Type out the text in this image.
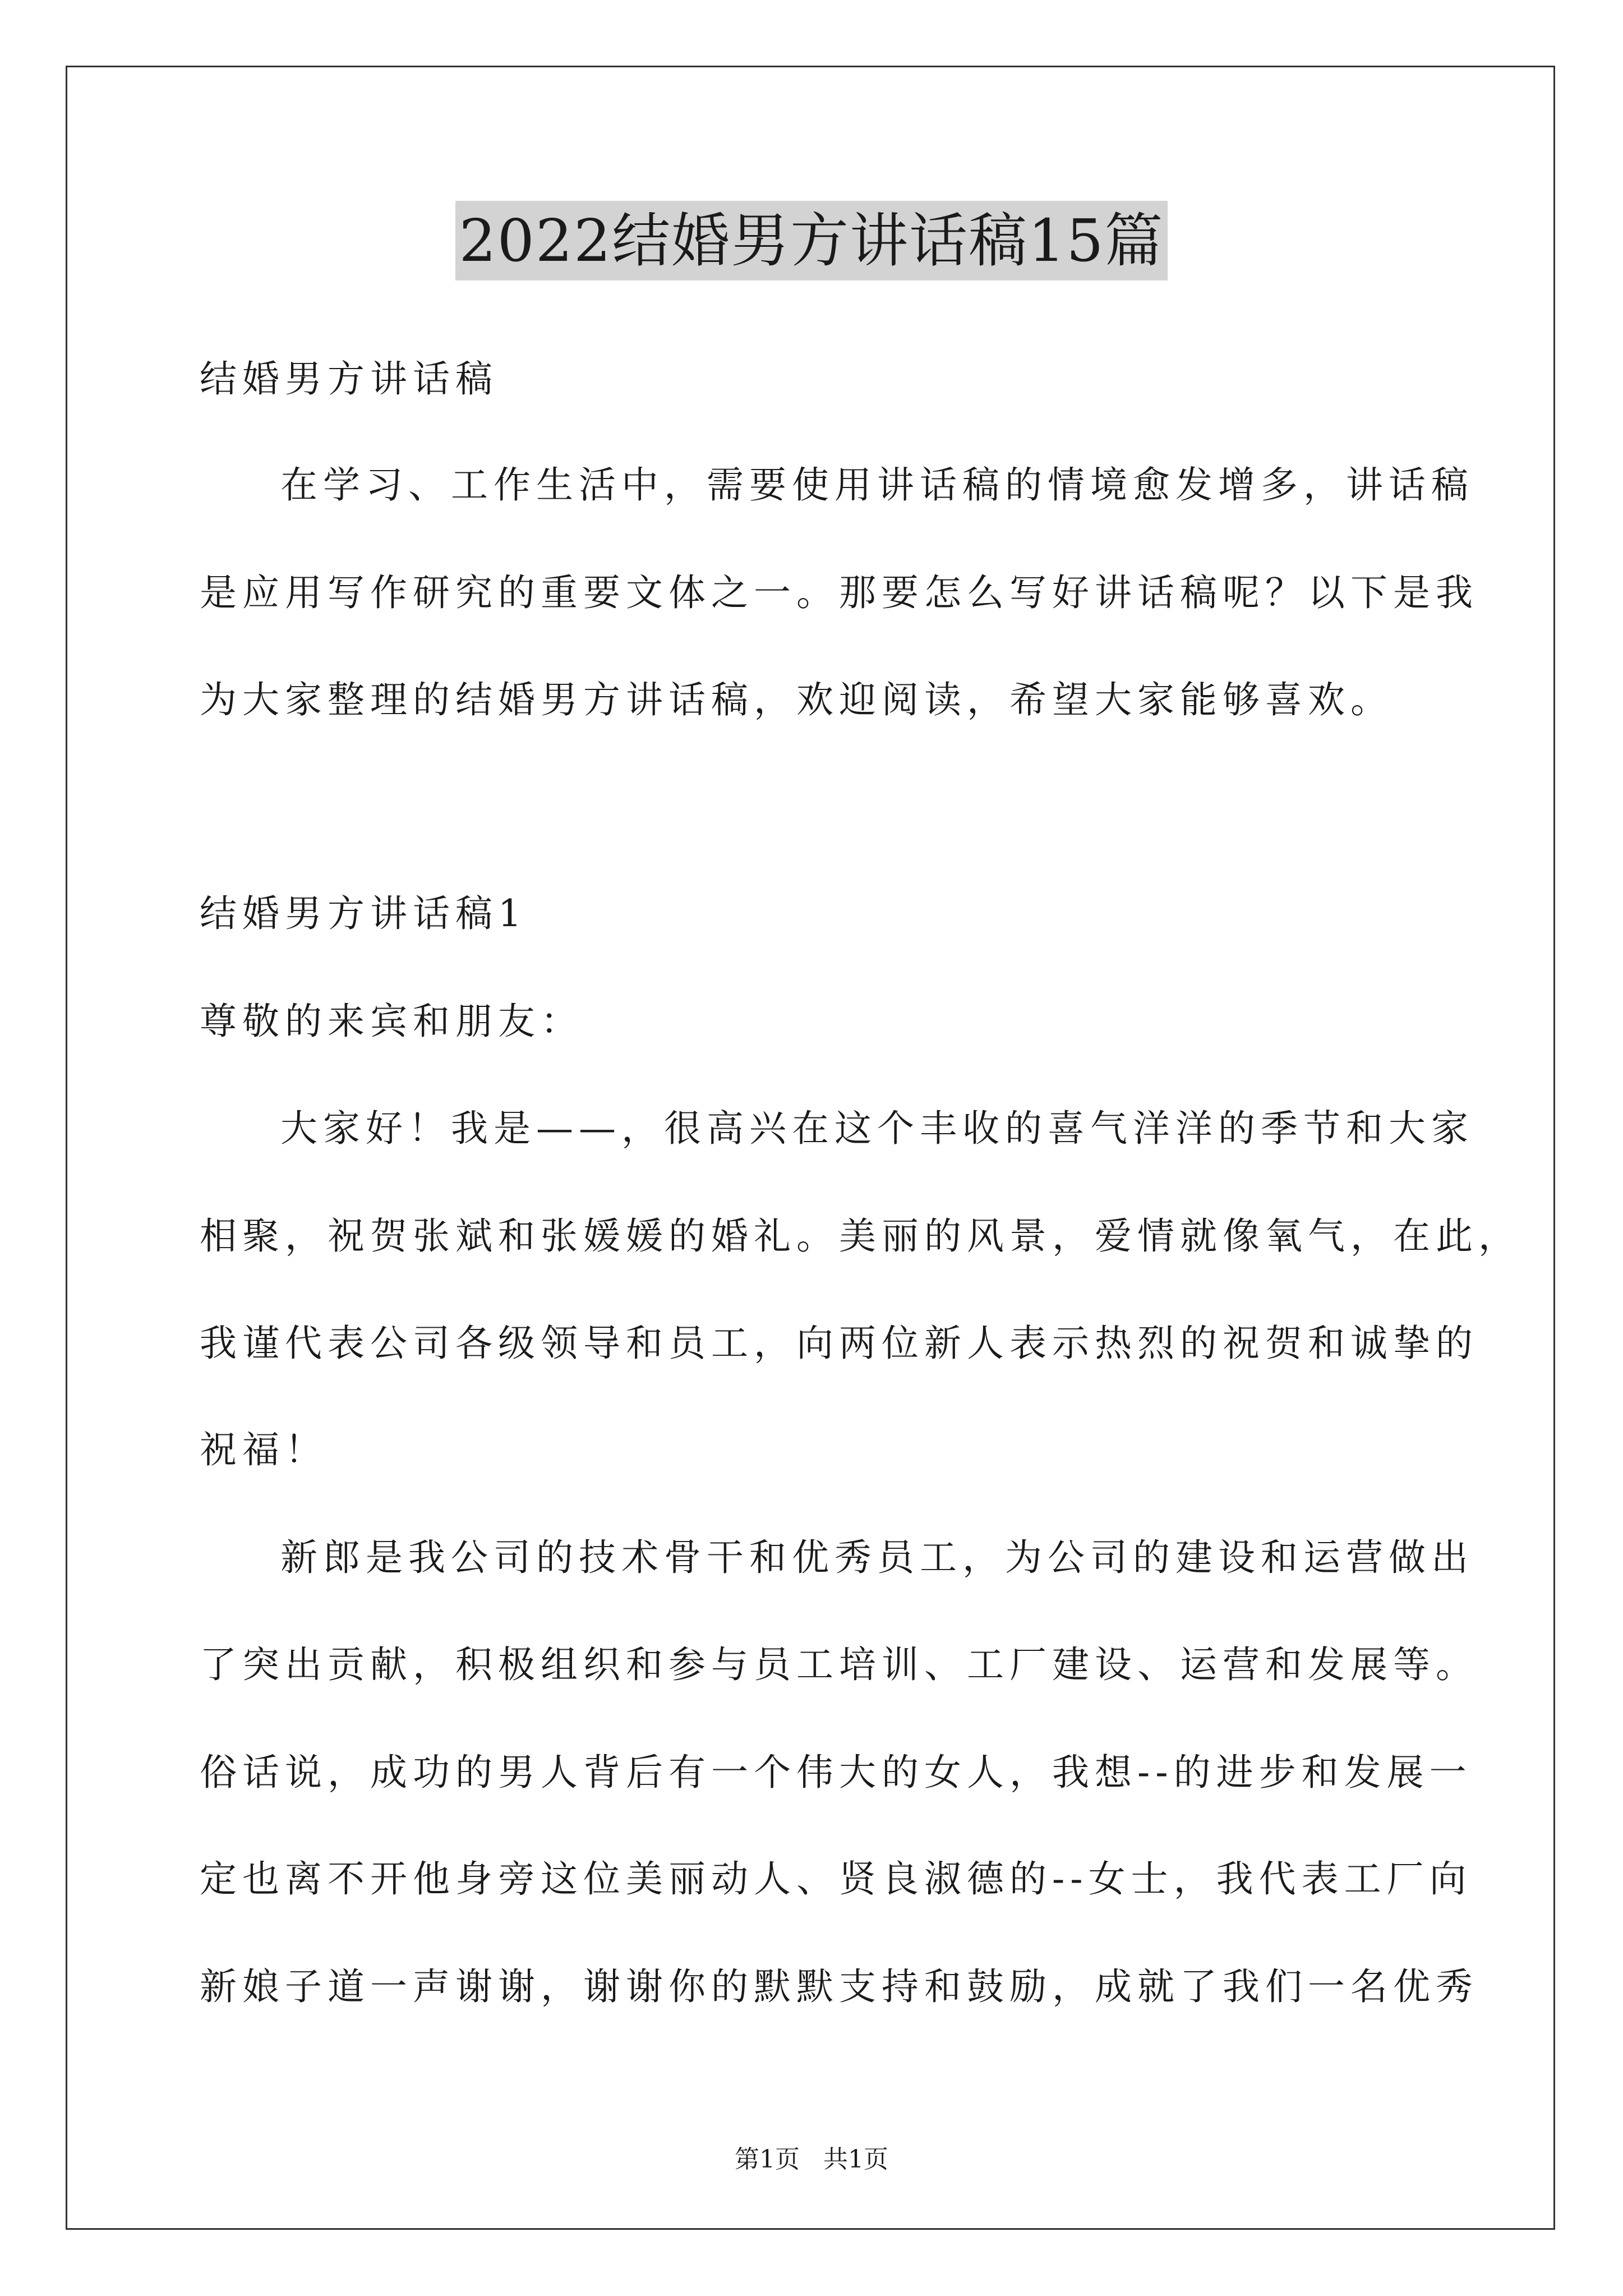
2022结婚男方讲话稿15篇
结婚男方讲话稿
在学习、工作生活中，需要使用讲话稿的情境愈发增多，讲话稿
是应用写作研究的重要文体之一。那要怎么写好讲话稿呢？以下是我
为大家整理的结婚男方讲话稿，欢迎阅读，希望大家能够喜欢。
结婚男方讲话稿1
尊敬的来宾和朋友：
大家好！我是——，很高兴在这个丰收的喜气洋洋的季节和大家
相聚，祝贺张斌和张媛媛的婚礼。美丽的风景，爱情就像氧气，在此，
我谨代表公司各级领导和员工，向两位新人表示热烈的祝贺和诚挚的
祝福！
新郎是我公司的技术骨干和优秀员工，为公司的建设和运营做出
了突出贡献，积极组织和参与员工培训、工厂建设、运营和发展等。
俗话说，成功的男人背后有一个伟大的女人，我想--的进步和发展一
定也离不开他身旁这位美丽动人、贤良淑德的--女士，我代表工厂向
新娘子道一声谢谢，谢谢你的默默支持和鼓励，成就了我们一名优秀
第1页   共1页
